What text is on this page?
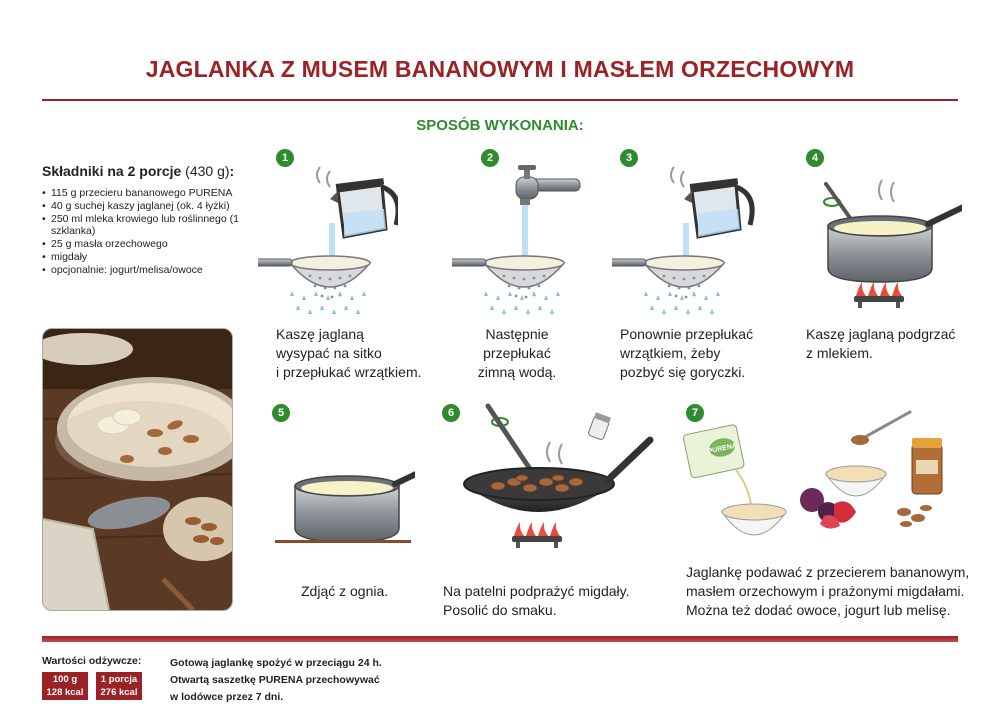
JAGLANKA Z MUSEM BANANOWYM I MASŁEM ORZECHOWYM
SPOSÓB WYKONANIA:
Składniki na 2 porcje (430 g):
• 115 g przecieru bananowego PURENA
• 40 g suchej kaszy jaglanej (ok. 4 łyżki)
• 250 ml mleka krowiego lub roślinnego (1 szklanka)
• 25 g masła orzechowego
• migdały
• opcjonalnie: jogurt/melisa/owoce
1
Kaszę jaglaną
wysypać na sitko
i przepłukać wrzątkiem.
2
Następnie
przepłukać
zimną wodą.
3
Ponownie przepłukać
wrzątkiem, żeby
pozbyć się goryczki.
4
Kaszę jaglaną podgrzać
z mlekiem.
5
Zdjąć z ognia.
6
Na patelni podprażyć migdały.
Posolić do smaku.
7
PURENA
Jaglankę podawać z przecierem bananowym,
masłem orzechowym i prażonymi migdałami.
Można też dodać owoce, jogurt lub melisę.
Wartości odżywcze:
100 g
128 kcal
1 porcja
276 kcal
Gotową jaglankę spożyć w przeciągu 24 h.
Otwartą saszetkę PURENA przechowywać
w lodówce przez 7 dni.
